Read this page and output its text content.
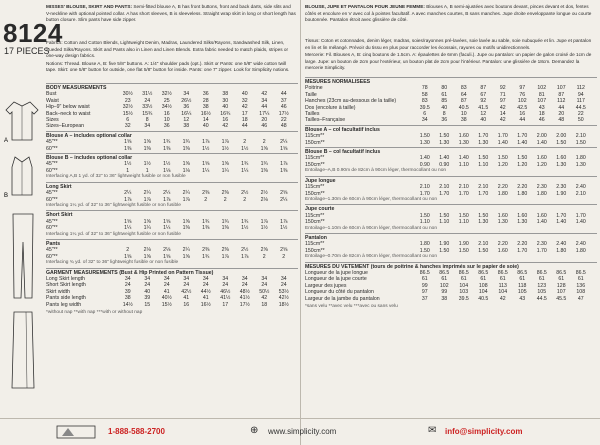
8124
17 PIECES
MISSES' BLOUSE, SKIRT AND PANTS: Semi-fitted blouse A, B has front buttons, front and back darts, side slits and V-neckline with optional pointed collar. A has short sleeves, B is sleeveless. Straight wrap skirt in long or short length has button closure. Slim pants have side zipper.
Fabrics: Cotton and Cotton Blends, Lightweight Denim, Madras, Laundered Silks/Rayons, Sandwashed Silk, Linen, Sueded Silks/Rayons. Skirt and Pants also in Linen and Linen Blends. Extra fabric needed to match plaids, stripes or one-way design fabrics.
Notions: Thread. Blouse A, B: five 5/8" buttons. A: 1/4" shoulder pads (opt.). Skirt or Pants: one 5/8" wide cotton twill tape. Skirt: one 5/8" button for outside, one flat 5/8" button for inside. Pants: one 7" zipper. Look for Simplicity notions.
A
B
BODY MEASUREMENTS
Bust	30½	31½	32½	34	36	38	40	42	44
Waist	23	24	25	26½	28	30	32	34	37
Hip–9" below waist	32½	33½	34½	36	38	40	42	44	46
Back–neck to waist	15½	15¾	16	16¼	16½	16¾	17	17¼	17½
Sizes	6	8	10	12	14	16	18	20	22
Sizes–European	32	34	36	38	40	42	44	46	48
Blouse A – includes optional collar
45"**	1⅝	1⅝	1¾	1¾	1⅞	1⅞	2	2	2¼
60"**	1⅜	1⅜	1⅜	1⅜	1½	1½	1½	1⅝	1⅝
Blouse B – includes optional collar
45"**	1½	1½	1½	1⅝	1⅝	1⅝	1¾	1¾	1⅞
60"**	1	1	1⅛	1⅛	1¼	1¼	1¼	1⅜	1⅜
Interfacing A,B 1 yd. of 32" to 36" lightweight fusible or non fusible
Long Skirt
45"**	2¼	2¼	2¼	2¼	2⅜	2⅜	2½	2½	2⅝
60"**	1⅞	1⅞	1⅞	1⅞	2	2	2	2⅛	2¼
Interfacing 1¼ yd. of 32" to 36" lightweight fusible or non fusible
Short Skirt
45"**	1⅝	1⅝	1⅝	1⅝	1¾	1¾	1¾	1⅞	1⅞
60"**	1¼	1¼	1¼	1⅜	1⅜	1⅜	1½	1½	1½
Interfacing 1¼ yd. of 32" to 36" lightweight fusible or non fusible
Pants
45"**	2	2⅛	2⅛	2¼	2⅜	2⅜	2½	2⅝	2⅝
60"**	1⅝	1⅝	1⅝	1⅝	1¾	1⅞	1⅞	2	2
Interfacing ¾ yd. of 32" to 36" lightweight fusible or non fusible
GARMENT MEASUREMENTS (Bust & Hip Printed on Pattern Tissue)
Long Skirt length	34	34	34	34	34	34	34	34	34
Short Skirt length	24	24	24	24	24	24	24	24	24
Skirt width	39	40	41	42½	44½	46½	48½	50½	53½
Pants side length	38	39	40½	41	41	41½	41½	42	42½
Pants leg width	14½	15	15½	16	16½	17	17½	18	18½
*without nap **with nap ***with or without nap
BLOUSE, JUPE ET PANTALON POUR JEUNE FEMME: Blouses A, B semi-ajustées avec boutons devant, pinces devant et dos, fentes côtés et encolure en V avec col à pointes facultatif. A avec manches courtes, B sans manches. Jupe droite enveloppante longue ou courte boutonnée. Pantalon étroit avec glissière de côté.
Tissus: Coton et cotonnades, denim léger, madras, soies/rayonnes pré-lavées, soie lavée au sable, soie nubuquée et lin. Jupe et pantalon en lin et lin mélangé. Prévoir du tissu en plus pour raccorder les écossais, rayures ou motifs unidirectionnels.
Mercerie: Fil. Blouses A, B: cinq boutons de 1.5cm. A: épaulettes de 6mm (faculi.). Jupe ou pantalon: un papier de galon croisé de 1cm de large. Jupe: un bouton de 2cm pour l'extérieur, un bouton plat de 2cm pour l'intérieur. Pantalon: une glissière de 18cm. Demandez la mercerie Simplicity.
MESURES NORMALISEES
Poitrine	78	80	83	87	92	97	102	107	112
Taille	58	61	64	67	71	76	81	87	94
Hanches (23cm au-dessous de la taille)	83	85	87	92	97	102	107	112	117
Dos (encolure à taille)	39.5	40	40.5	41.5	42	42.5	43	44	44.5
Tailles	6	8	10	12	14	16	18	20	22
Tailles–Française	34	36	38	40	42	44	46	48	50
Blouse A – col facultatif inclus
115cm**	1.50	1.50	1.60	1.70	1.70	1.70	2.00	2.00	2.10
150cm**	1.30	1.30	1.30	1.30	1.40	1.40	1.40	1.50	1.50
Blouse B – col facultatif inclus
115cm**	1.40	1.40	1.40	1.50	1.50	1.50	1.60	1.60	1.80
150cm**	0.90	0.90	1.10	1.10	1.20	1.20	1.20	1.30	1.30
Entoilage–A,B 0.90m de 82cm à 90cm léger, thermocollant ou non
Jupe longue
115cm**	2.10	2.10	2.10	2.10	2.20	2.20	2.30	2.30	2.40
150cm**	1.70	1.70	1.70	1.70	1.80	1.80	1.80	1.90	2.10
Entoilage–1.30m de 60cm à 90cm léger, thermocollant ou non
Jupe courte
115cm**	1.50	1.50	1.50	1.50	1.60	1.60	1.60	1.70	1.70
150cm**	1.10	1.10	1.10	1.30	1.30	1.30	1.40	1.40	1.40
Entoilage–1.10m de 60cm à 90cm léger, thermocollant ou non
Pantalon
115cm**	1.80	1.90	1.90	2.10	2.20	2.20	2.30	2.40	2.40
150cm**	1.50	1.50	1.50	1.50	1.60	1.70	1.70	1.80	1.80
Entoilage–0.70m de 82cm à 90cm léger, thermocollant ou non
MESURES DU VETEMENT (tours de poitrine & hanches imprimés sur le papier de soie)
Longueur de la jupe longue	86.5	86.5	86.5	86.5	86.5	86.5	86.5	86.5	86.5
Longueur de la jupe courte	61	61	61	61	61	61	61	61	61
Largeur des jupes	99	102	104	108	113	118	123	128	136
Longueur du côté du pantalon	97	99	103	104	104	105	105	107	108
Largeur de la jambe du pantalon	37	38	39.5	40.5	42	43	44.5	45.5	47
*sans velu **avec velu ***avec ou sans velu
1-888-588-2700	⊕ www.simplicity.com	✉ info@simplicity.com
